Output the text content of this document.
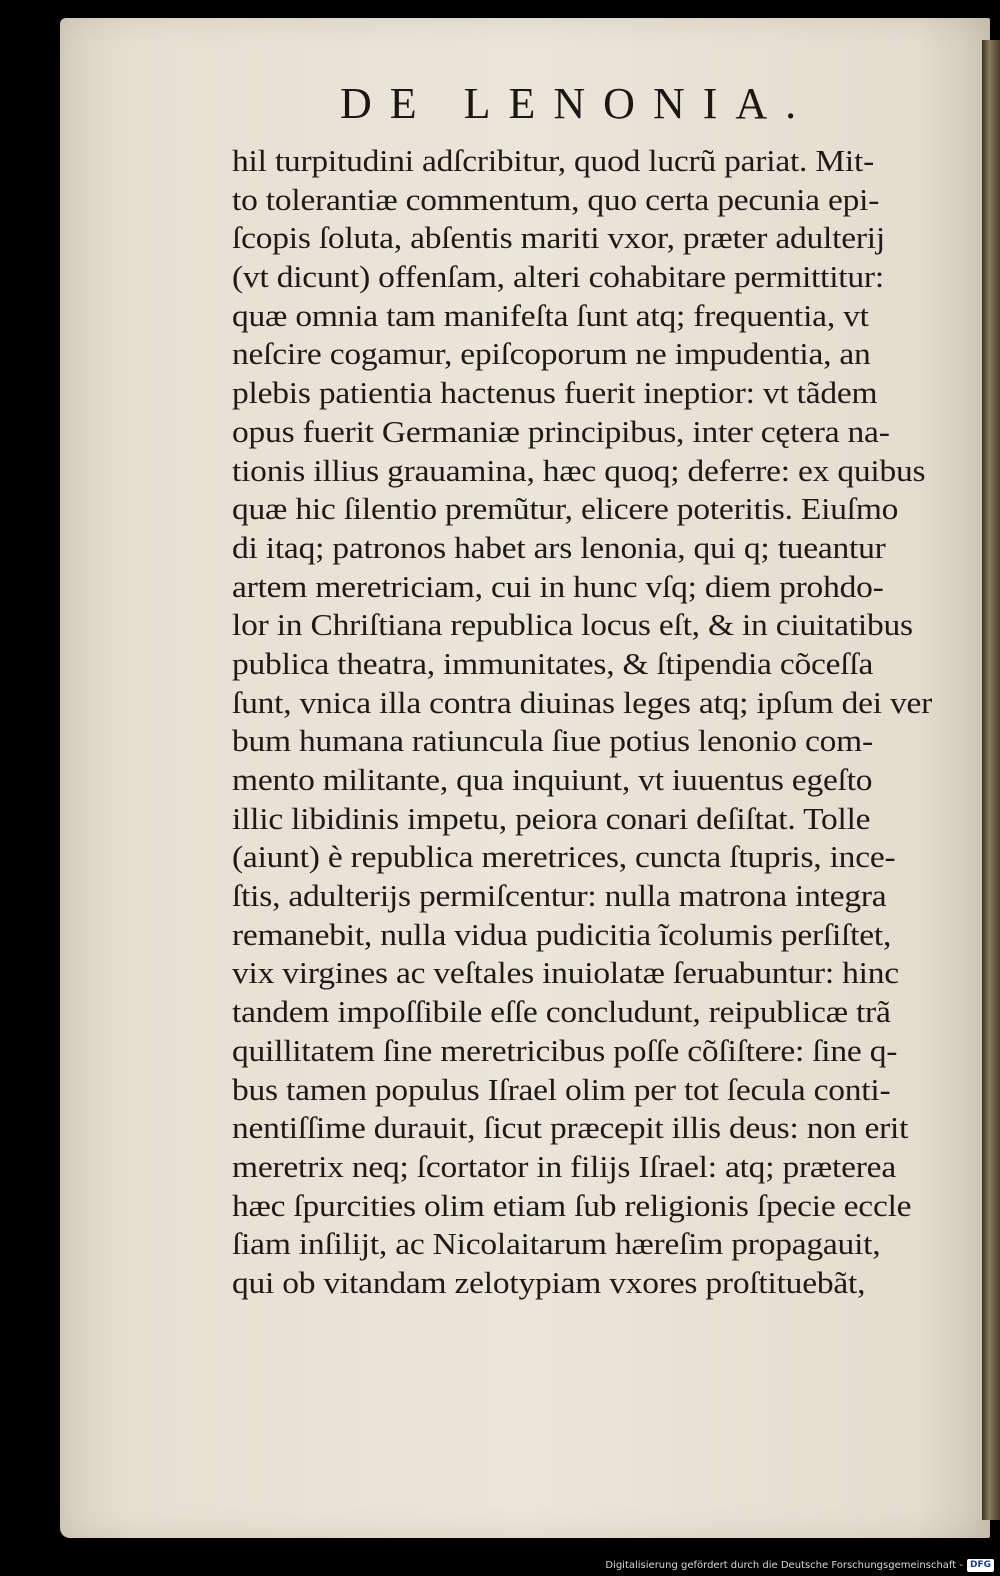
DE LENONIA.
hil turpitudini adſcribitur, quod lucrũ pariat. Mit-
to tolerantiæ commentum, quo certa pecunia epi-
ſcopis ſoluta, abſentis mariti vxor, præter adulterij
(vt dicunt) offenſam, alteri cohabitare permittitur:
quæ omnia tam manifeſta ſunt atq; frequentia, vt
neſcire cogamur, epiſcoporum ne impudentia, an
plebis patientia hactenus fuerit ineptior: vt tãdem
opus fuerit Germaniæ principibus, inter cętera na-
tionis illius grauamina, hæc quoq; deferre: ex quibus
quæ hic ſilentio premũtur, elicere poteritis. Eiuſmo
di itaq; patronos habet ars lenonia, qui q; tueantur
artem meretriciam, cui in hunc vſq; diem prohdo-
lor in Chriſtiana republica locus eſt, & in ciuitatibus
publica theatra, immunitates, & ſtipendia cõceſſa
ſunt, vnica illa contra diuinas leges atq; ipſum dei ver
bum humana ratiuncula ſiue potius lenonio com-
mento militante, qua inquiunt, vt iuuentus egeſto
illic libidinis impetu, peiora conari deſiſtat. Tolle
(aiunt) è republica meretrices, cuncta ſtupris, ince-
ſtis, adulterijs permiſcentur: nulla matrona integra
remanebit, nulla vidua pudicitia ĩcolumis perſiſtet,
vix virgines ac veſtales inuiolatæ ſeruabuntur: hinc
tandem impoſſibile eſſe concludunt, reipublicæ trã
quillitatem ſine meretricibus poſſe cõſiſtere: ſine q-
bus tamen populus Iſrael olim per tot ſecula conti-
nentiſſime durauit, ſicut præcepit illis deus: non erit
meretrix neq; ſcortator in filijs Iſrael: atq; præterea
hæc ſpurcities olim etiam ſub religionis ſpecie eccle
ſiam inſilijt, ac Nicolaitarum hæreſim propagauit,
qui ob vitandam zelotypiam vxores proſtituebãt,
Digitalisierung gefördert durch die Deutsche Forschungsgemeinschaft - DFG
